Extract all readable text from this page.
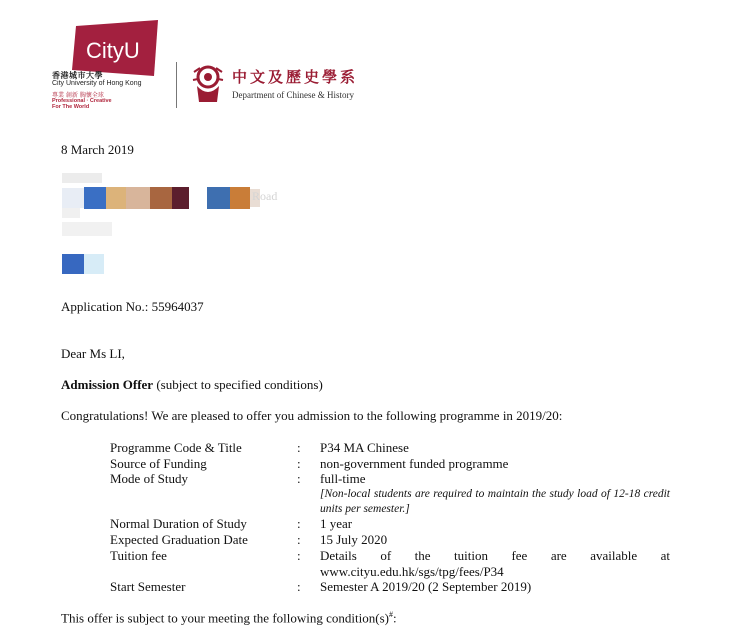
CityU
香港城市大學
City University of Hong Kong
專業 創新 胸懷全球
Professional · Creative
For The World
中文及歷史學系
Department of Chinese & History
8 March 2019
Road
Application No.: 55964037
Dear Ms LI,
Admission Offer (subject to specified conditions)
Congratulations! We are pleased to offer you admission to the following programme in 2019/20:
Programme Code & Title	: P34 MA Chinese
Source of Funding	: non-government funded programme
Mode of Study	: full-time
[Non-local students are required to maintain the study load of 12-18 credit units per semester.]
Normal Duration of Study	: 1 year
Expected Graduation Date	: 15 July 2020
Tuition fee	: Details of the tuition fee are available at
www.cityu.edu.hk/sgs/tpg/fees/P34
Start Semester	: Semester A 2019/20 (2 September 2019)
This offer is subject to your meeting the following condition(s)#:
